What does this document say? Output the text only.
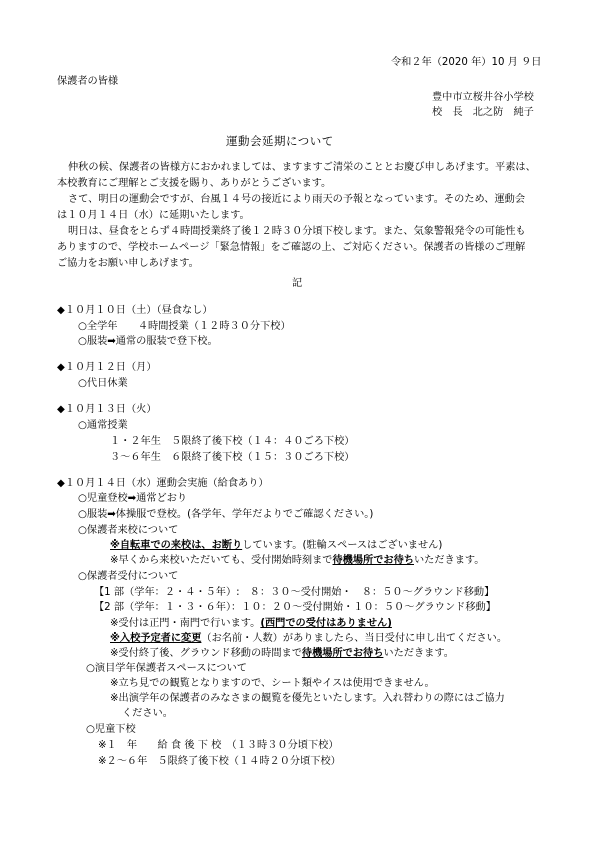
令和２年（2020 年）10 月 ９日
保護者の皆様
豊中市立桜井谷小学校
校　長　北之防　純子
運動会延期について
仲秋の候、保護者の皆様方におかれましては、ますますご清栄のこととお慶び申しあげます。平素は、
本校教育にご理解とご支援を賜り、ありがとうございます。
さて、明日の運動会ですが、台風１４号の接近により雨天の予報となっています。そのため、運動会
は１０月１４日（水）に延期いたします。
明日は、昼食をとらず４時間授業終了後１２時３０分頃下校します。また、気象警報発令の可能性も
ありますので、学校ホームページ「緊急情報」をご確認の上、ご対応ください。保護者の皆様のご理解
ご協力をお願い申しあげます。
記
◆１０月１０日（土）（昼食なし）
○全学年　　４時間授業（１２時３０分下校）
○服装➡通常の服装で登下校。
◆１０月１２日（月）
○代日休業
◆１０月１３日（火）
○通常授業
１・２年生　５限終了後下校（１４：４０ごろ下校）
３～６年生　６限終了後下校（１５：３０ごろ下校）
◆１０月１４日（水）運動会実施（給食あり）
○児童登校➡通常どおり
○服装➡体操服で登校。(各学年、学年だよりでご確認ください。)
○保護者来校について
※自転車での来校は、お断りしています。(駐輪スペースはございません)
※早くから来校いただいても、受付開始時刻まで待機場所でお待ちいただきます。
○保護者受付について
【1 部（学年：２・４・５年）:　８：３０～受付開始・　８：５０～グラウンド移動】
【2 部（学年：１・３・６年）：１０：２０～受付開始・１０：５０～グラウンド移動】
※受付は正門・南門で行います。(西門での受付はありません)
※入校予定者に変更（お名前・人数）がありましたら、当日受付に申し出てください。
※受付終了後、グラウンド移動の時間まで待機場所でお待ちいただきます。
○演目学年保護者スペースについて
※立ち見での観覧となりますので、シート類やイスは使用できません。
※出演学年の保護者のみなさまの観覧を優先といたします。入れ替わりの際にはご協力
ください。
○児童下校
※１　年　　給 食 後 下 校　（１３時３０分頃下校）
※２～６年　５限終了後下校（１４時２０分頃下校）
